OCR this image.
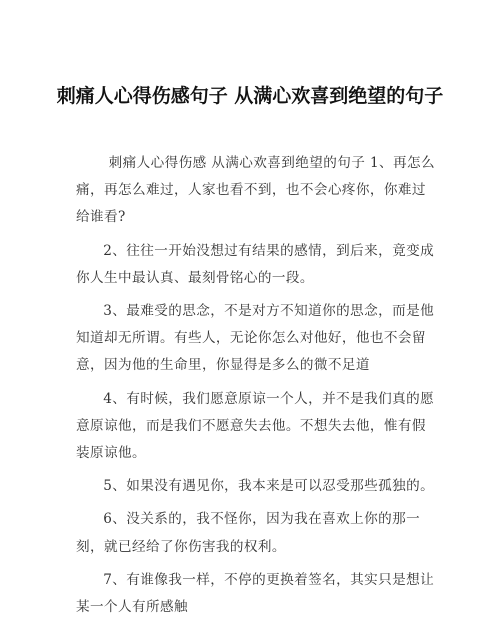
刺痛人心得伤感句子 从满心欢喜到绝望的句子

刺痛人心得伤感 从满心欢喜到绝望的句子 1、再怎么痛，再怎么难过，人家也看不到，也不会心疼你，你难过给谁看?

2、往往一开始没想过有结果的感情，到后来，竟变成你人生中最认真、最刻骨铭心的一段。

3、最难受的思念，不是对方不知道你的思念，而是他知道却无所谓。有些人，无论你怎么对他好，他也不会留意，因为他的生命里，你显得是多么的微不足道

4、有时候，我们愿意原谅一个人，并不是我们真的愿意原谅他，而是我们不愿意失去他。不想失去他，惟有假装原谅他。

5、如果没有遇见你，我本来是可以忍受那些孤独的。

6、没关系的，我不怪你，因为我在喜欢上你的那一刻，就已经给了你伤害我的权利。

7、有谁像我一样，不停的更换着签名，其实只是想让某一个人有所感触
